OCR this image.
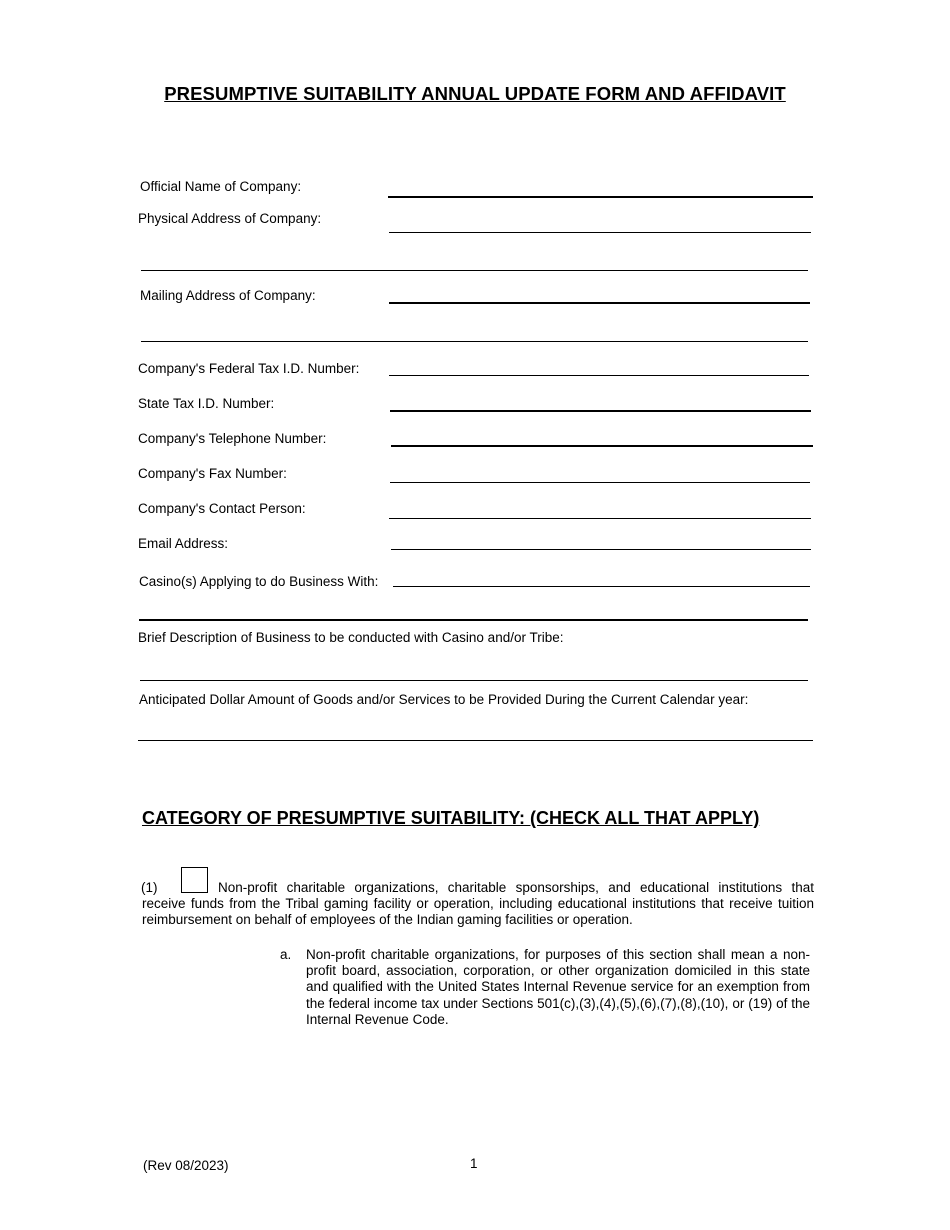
PRESUMPTIVE SUITABILITY ANNUAL UPDATE FORM AND AFFIDAVIT
Official Name of Company:
Physical Address of Company:
Mailing Address of Company:
Company's Federal Tax I.D. Number:
State Tax I.D. Number:
Company's Telephone Number:
Company's Fax Number:
Company's Contact Person:
Email Address:
Casino(s) Applying to do Business With:
Brief Description of Business to be conducted with Casino and/or Tribe:
Anticipated Dollar Amount of Goods and/or Services to be Provided During the Current Calendar year:
CATEGORY OF PRESUMPTIVE SUITABILITY: (CHECK ALL THAT APPLY)
(1)	Non-profit charitable organizations, charitable sponsorships, and educational institutions that receive funds from the Tribal gaming facility or operation, including educational institutions that receive tuition reimbursement on behalf of employees of the Indian gaming facilities or operation.
a. Non-profit charitable organizations, for purposes of this section shall mean a non-profit board, association, corporation, or other organization domiciled in this state and qualified with the United States Internal Revenue service for an exemption from the federal income tax under Sections 501(c),(3),(4),(5),(6),(7),(8),(10), or (19) of the Internal Revenue Code.
(Rev 08/2023)	1
